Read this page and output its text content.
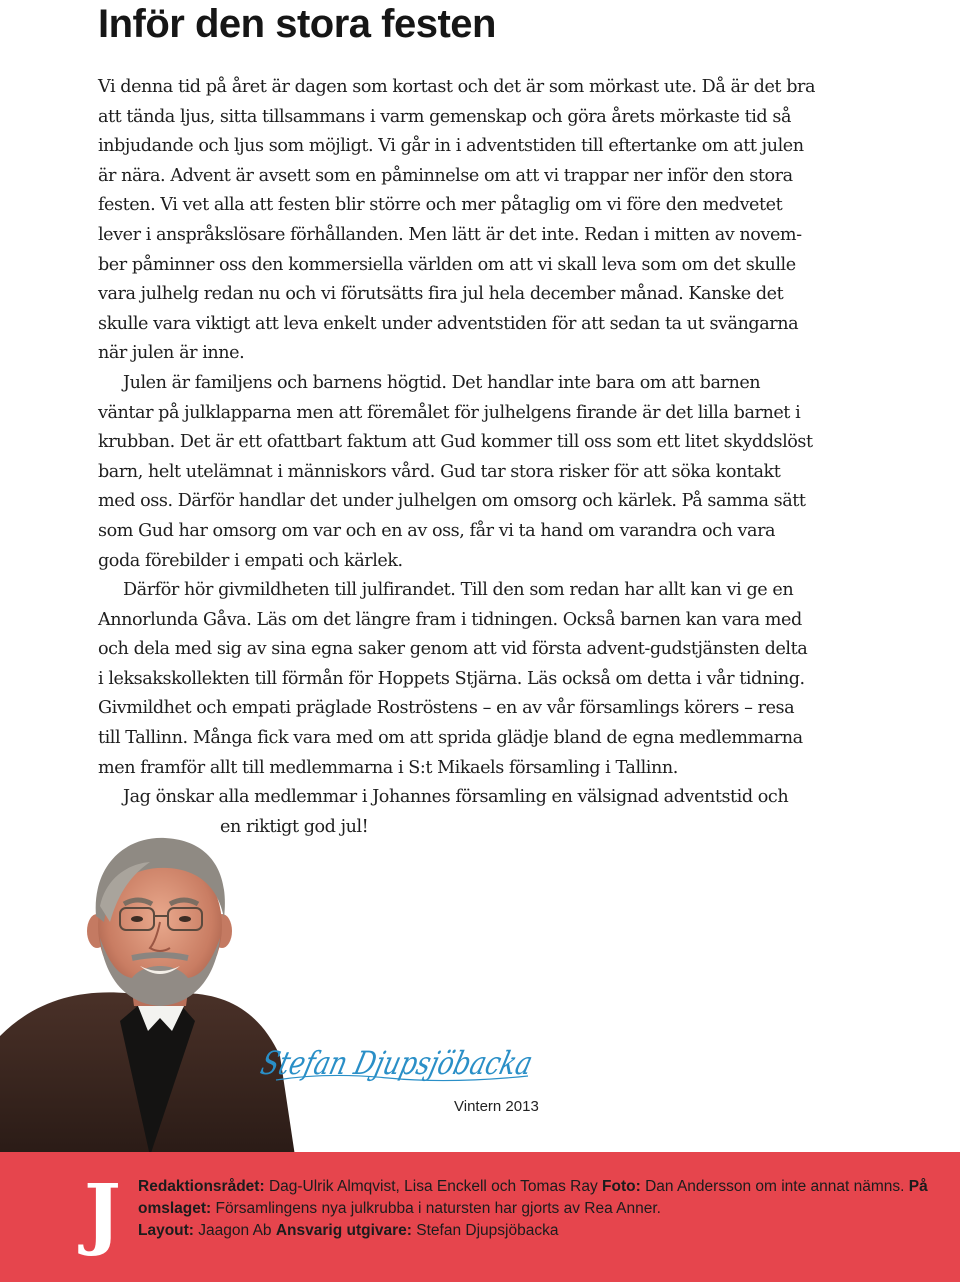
Inför den stora festen

Vi denna tid på året är dagen som kortast och det är som mörkast ute. Då är det bra
att tända ljus, sitta tillsammans i varm gemenskap och göra årets mörkaste tid så
inbjudande och ljus som möjligt. Vi går in i adventstiden till eftertanke om att julen
är nära. Advent är avsett som en påminnelse om att vi trappar ner inför den stora
festen. Vi vet alla att festen blir större och mer påtaglig om vi före den medvetet
lever i anspråkslösare förhållanden. Men lätt är det inte. Redan i mitten av novem-
ber påminner oss den kommersiella världen om att vi skall leva som om det skulle
vara julhelg redan nu och vi förutsätts fira jul hela december månad. Kanske det
skulle vara viktigt att leva enkelt under adventstiden för att sedan ta ut svängarna
när julen är inne.

Julen är familjens och barnens högtid. Det handlar inte bara om att barnen
väntar på julklapparna men att föremålet för julhelgens firande är det lilla barnet i
krubban. Det är ett ofattbart faktum att Gud kommer till oss som ett litet skyddslöst
barn, helt utelämnat i människors vård. Gud tar stora risker för att söka kontakt
med oss. Därför handlar det under julhelgen om omsorg och kärlek. På samma sätt
som Gud har omsorg om var och en av oss, får vi ta hand om varandra och vara
goda förebilder i empati och kärlek.

Därför hör givmildheten till julfirandet. Till den som redan har allt kan vi ge en
Annorlunda Gåva. Läs om det längre fram i tidningen. Också barnen kan vara med
och dela med sig av sina egna saker genom att vid första advent-gudstjänsten delta
i leksakskollekten till förmån för Hoppets Stjärna. Läs också om detta i vår tidning.
Givmildhet och empati präglade Roströstens – en av vår församlings körers – resa
till Tallinn. Många fick vara med om att sprida glädje bland de egna medlemmarna
men framför allt till medlemmarna i S:t Mikaels församling i Tallinn.

Jag önskar alla medlemmar i Johannes församling en välsignad adventstid och
en riktigt god jul!

Stefan Djupsjöbacka
Vintern 2013
J Redaktionsrådet: Dag-Ulrik Almqvist, Lisa Enckell och Tomas Ray Foto: Dan Andersson om inte annat nämns. På omslaget: Församlingens nya julkrubba i natursten har gjorts av Rea Anner.
Layout: Jaagon Ab Ansvarig utgivare: Stefan Djupsjöbacka
